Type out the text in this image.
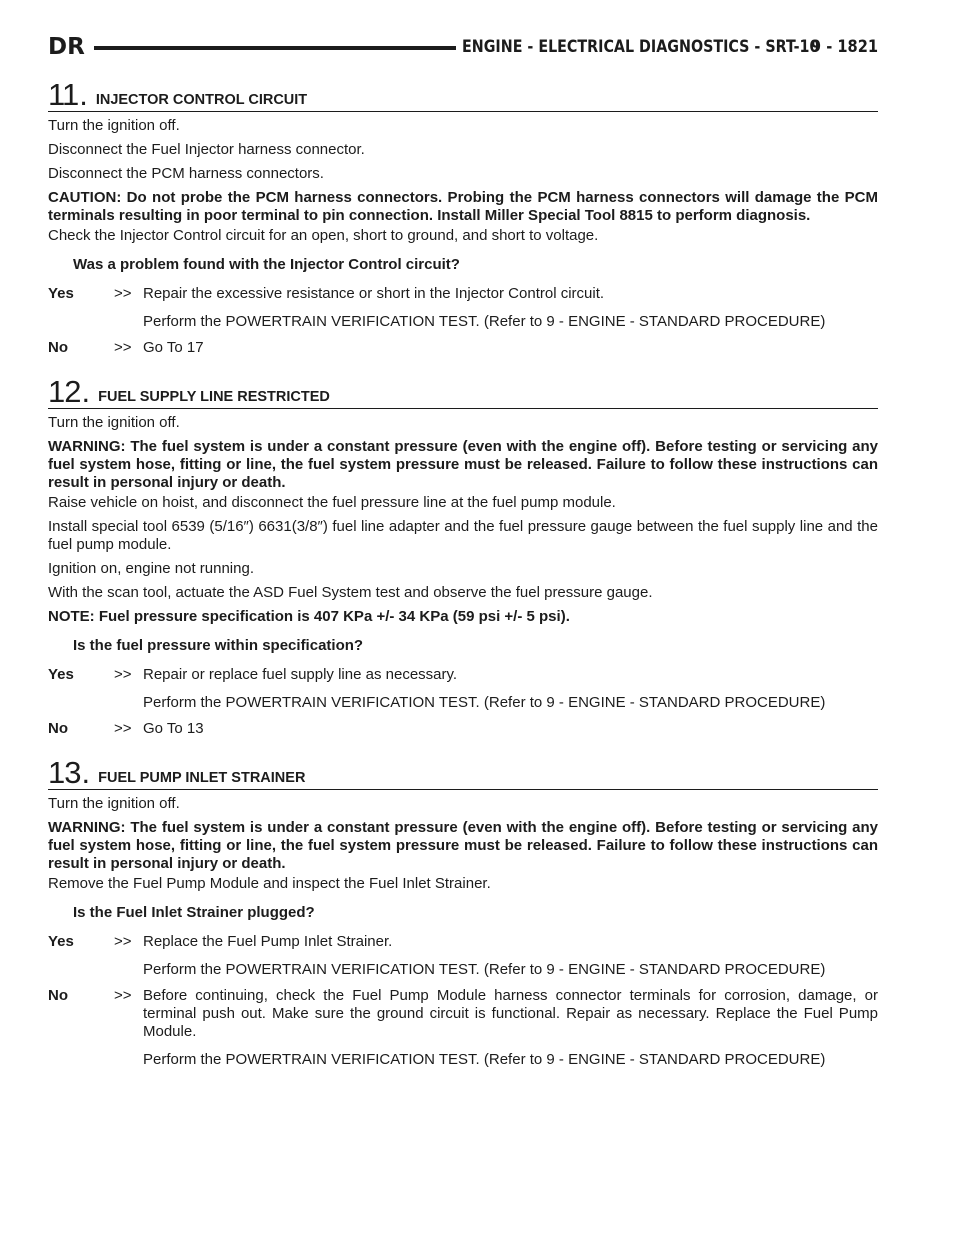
DR	ENGINE - ELECTRICAL DIAGNOSTICS - SRT-10
9 - 1821
11 . INJECTOR CONTROL CIRCUIT

Turn the ignition off.

Disconnect the Fuel Injector harness connector.

Disconnect the PCM harness connectors.

CAUTION: Do not probe the PCM harness connectors. Probing the PCM harness connectors will damage the PCM terminals resulting in poor terminal to pin connection. Install Miller Special Tool 8815 to perform diagnosis.

Check the Injector Control circuit for an open, short to ground, and short to voltage.

Was a problem found with the Injector Control circuit?

Yes	>> Repair the excessive resistance or short in the Injector Control circuit.

Perform the POWERTRAIN VERIFICATION TEST. (Refer to 9 - ENGINE - STANDARD PROCEDURE)

No	>> Go To 17

12 . FUEL SUPPLY LINE RESTRICTED

Turn the ignition off.

WARNING: The fuel system is under a constant pressure (even with the engine off). Before testing or servicing any fuel system hose, fitting or line, the fuel system pressure must be released. Failure to follow these instructions can result in personal injury or death.

Raise vehicle on hoist, and disconnect the fuel pressure line at the fuel pump module.

Install special tool 6539 (5/16″) 6631(3/8″) fuel line adapter and the fuel pressure gauge between the fuel supply line and the fuel pump module.

Ignition on, engine not running.

With the scan tool, actuate the ASD Fuel System test and observe the fuel pressure gauge.

NOTE: Fuel pressure specification is 407 KPa +/- 34 KPa (59 psi +/- 5 psi).

Is the fuel pressure within specification?

Yes	>> Repair or replace fuel supply line as necessary.

Perform the POWERTRAIN VERIFICATION TEST. (Refer to 9 - ENGINE - STANDARD PROCEDURE)

No	>> Go To 13

13 . FUEL PUMP INLET STRAINER

Turn the ignition off.

WARNING: The fuel system is under a constant pressure (even with the engine off). Before testing or servicing any fuel system hose, fitting or line, the fuel system pressure must be released. Failure to follow these instructions can result in personal injury or death.

Remove the Fuel Pump Module and inspect the Fuel Inlet Strainer.

Is the Fuel Inlet Strainer plugged?

Yes	>> Replace the Fuel Pump Inlet Strainer.

Perform the POWERTRAIN VERIFICATION TEST. (Refer to 9 - ENGINE - STANDARD PROCEDURE)

No	>> Before continuing, check the Fuel Pump Module harness connector terminals for corrosion, damage, or terminal push out. Make sure the ground circuit is functional. Repair as necessary. Replace the Fuel Pump Module.

Perform the POWERTRAIN VERIFICATION TEST. (Refer to 9 - ENGINE - STANDARD PROCEDURE)
